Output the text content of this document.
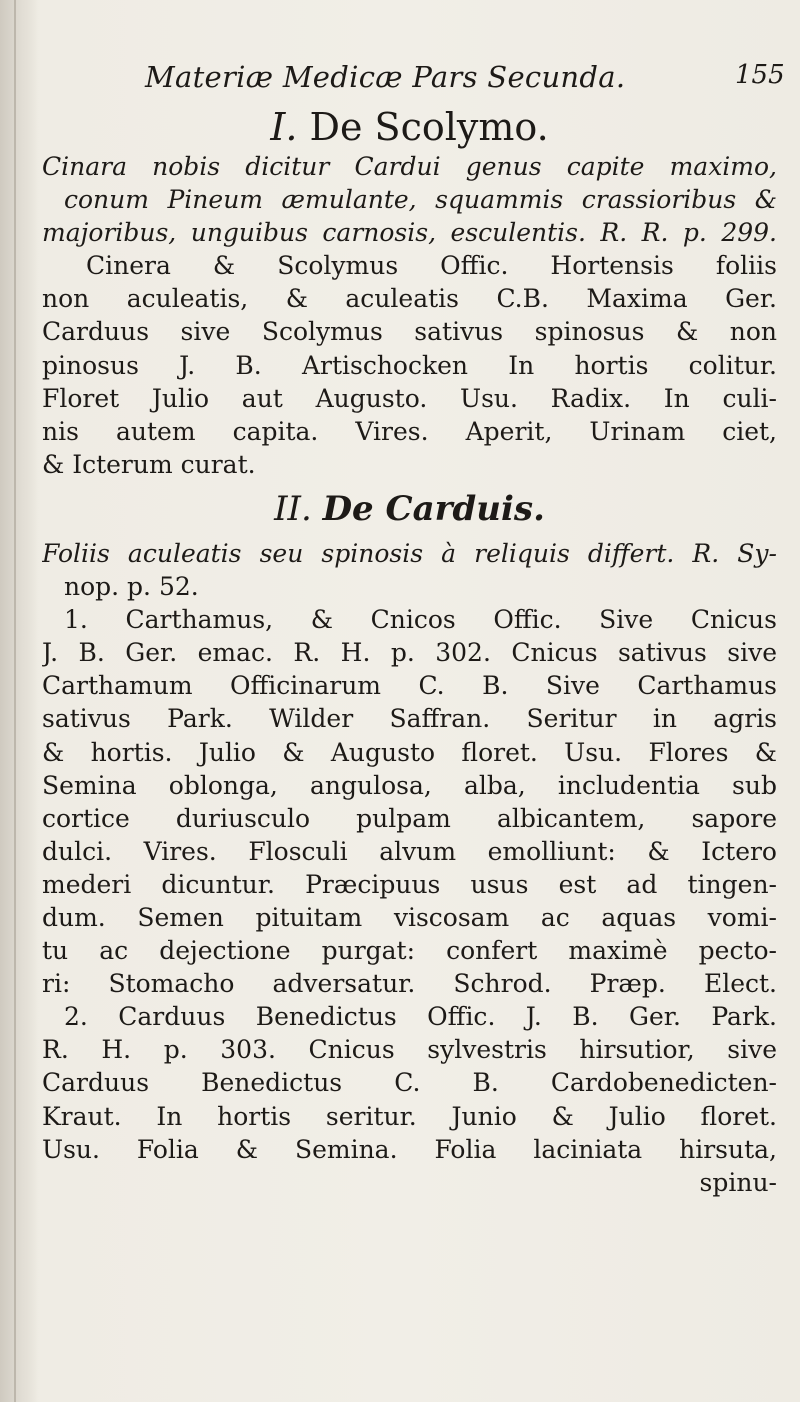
Materiæ Medicæ Pars Secunda.	155
I. De Scolymo.
Cinara nobis dicitur Cardui genus capite maximo,
conum Pineum æmulante, squammis crassioribus &
majoribus, unguibus carnosis, esculentis. R. R. p. 299.
Cinera & Scolymus Offic. Hortensis foliis
non aculeatis, & aculeatis C.B. Maxima Ger.
Carduus sive Scolymus sativus spinosus & non
pinosus J. B. Artischocken In hortis colitur.
Floret Julio aut Augusto. Usu. Radix. In culi-
nis autem capita. Vires. Aperit, Urinam ciet,
& Icterum curat.
II. De Carduis.
Foliis aculeatis seu spinosis à reliquis differt. R. Sy-
nop. p. 52.
1. Carthamus, & Cnicos Offic. Sive Cnicus
J. B. Ger. emac. R. H. p. 302. Cnicus sativus sive
Carthamum Officinarum C. B. Sive Carthamus
sativus Park. Wilder Saffran. Seritur in agris
& hortis. Julio & Augusto floret. Usu. Flores &
Semina oblonga, angulosa, alba, includentia sub
cortice duriusculo pulpam albicantem, sapore
dulci. Vires. Flosculi alvum emolliunt: & Ictero
mederi dicuntur. Præcipuus usus est ad tingen-
dum. Semen pituitam viscosam ac aquas vomi-
tu ac dejectione purgat: confert maximè pecto-
ri: Stomacho adversatur. Schrod. Præp. Elect.
2. Carduus Benedictus Offic. J. B. Ger. Park.
R. H. p. 303. Cnicus sylvestris hirsutior, sive
Carduus Benedictus C. B. Cardobenedicten-
Kraut. In hortis seritur. Junio & Julio floret.
Usu. Folia & Semina. Folia laciniata hirsuta,
spinu-
